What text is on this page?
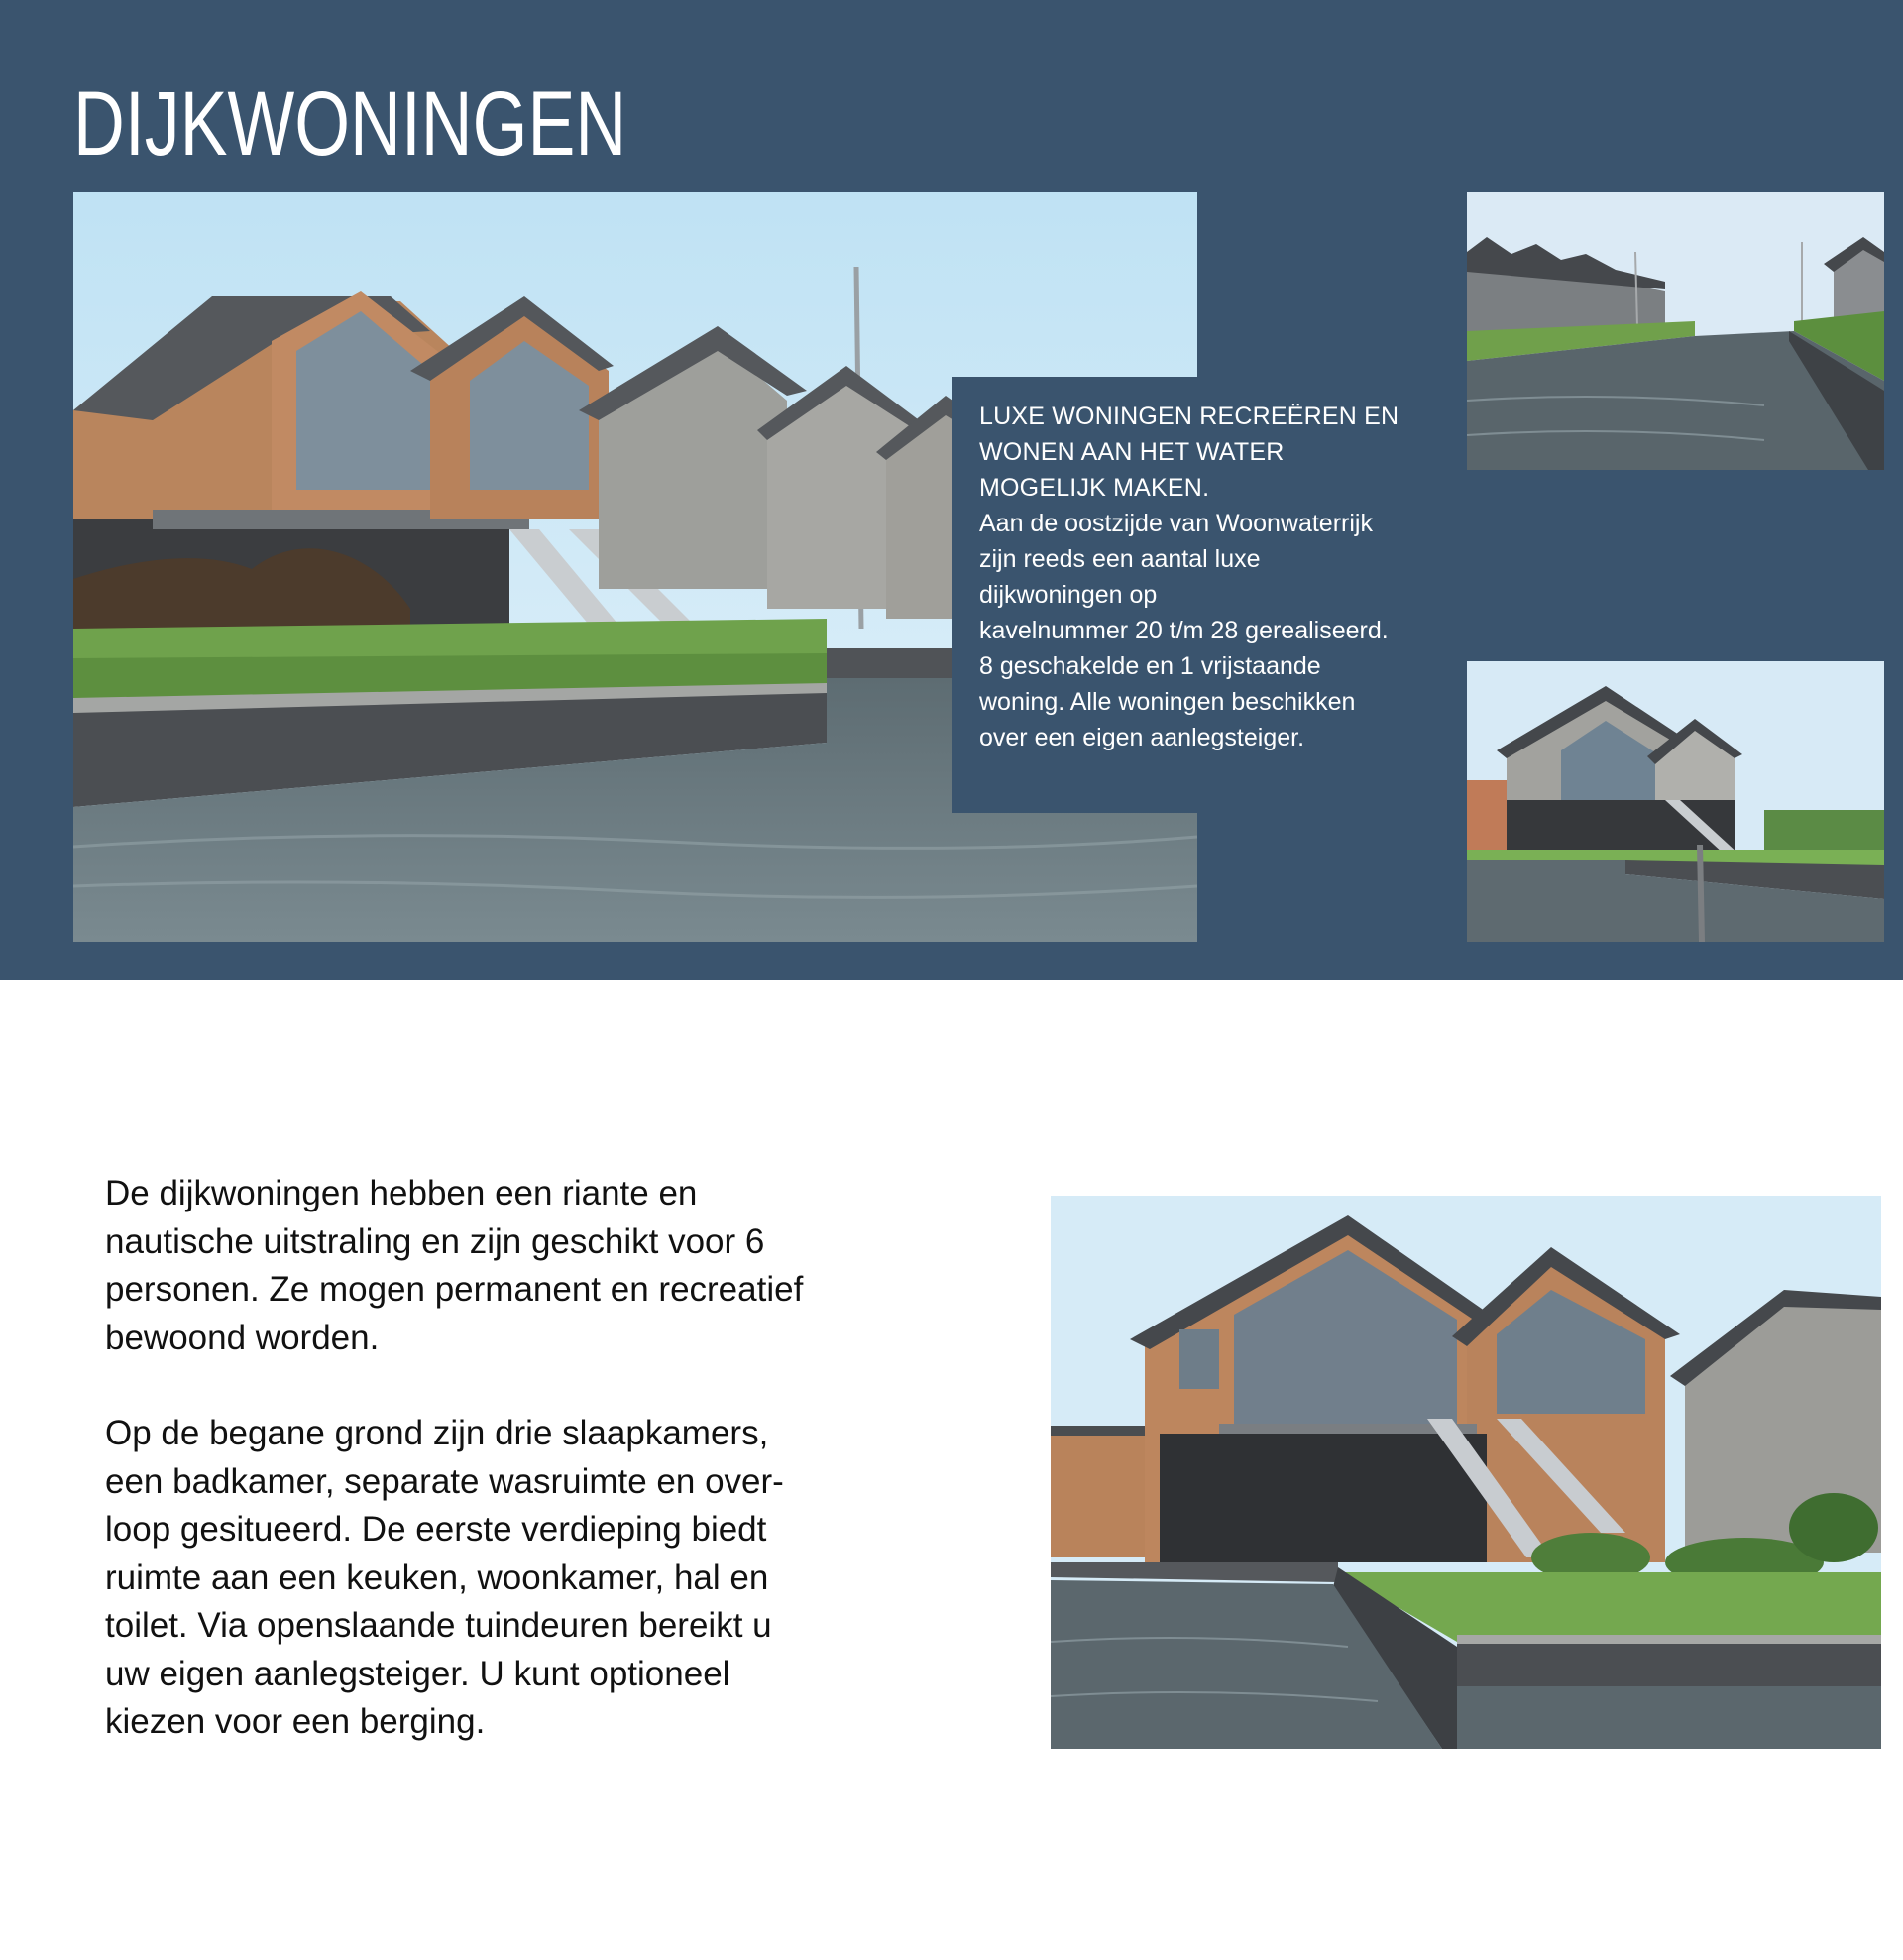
DIJKWONINGEN

LUXE WONINGEN RECREËREN EN WONEN AAN HET WATER MOGELIJK MAKEN.

Aan de oostzijde van Woonwaterrijk
zijn reeds een aantal luxe
dijkwoningen op
kavelnummer 20 t/m 28 gerealiseerd.
8 geschakelde en 1 vrijstaande
woning. Alle woningen beschikken
over een eigen aanlegsteiger.

De dijkwoningen hebben een riante en
nautische uitstraling en zijn geschikt voor 6
personen. Ze mogen permanent en recreatief
bewoond worden.

Op de begane grond zijn drie slaapkamers,
een badkamer, separate wasruimte en over-
loop gesitueerd. De eerste verdieping biedt
ruimte aan een keuken, woonkamer, hal en
toilet. Via openslaande tuindeuren bereikt u
uw eigen aanlegsteiger. U kunt optioneel
kiezen voor een berging.
